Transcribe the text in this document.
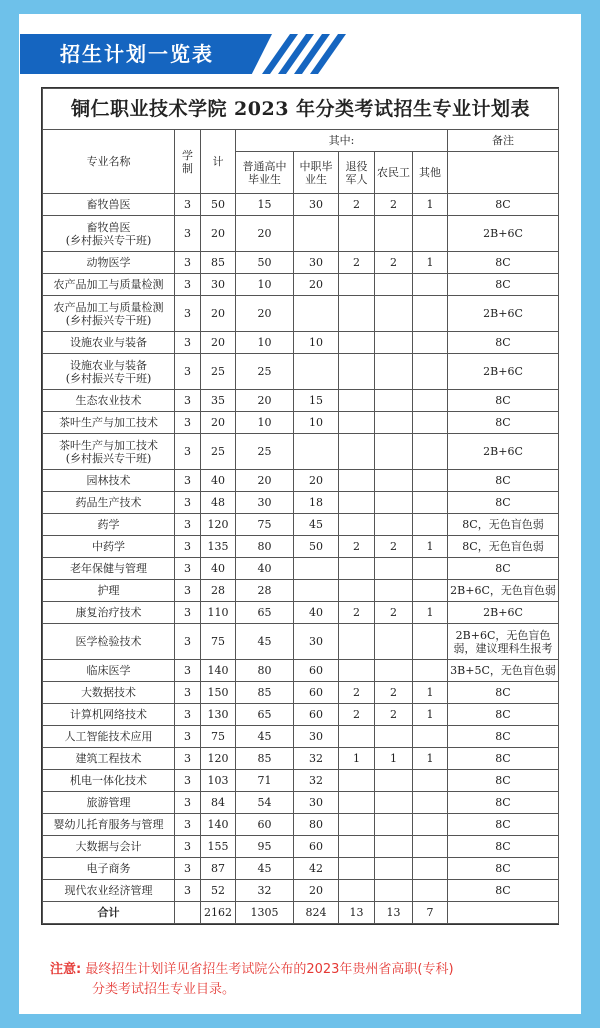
招生计划一览表
铜仁职业技术学院 2023 年分类考试招生专业计划表								
专业名称	学制	计	其中:					备注
			普通高中毕业生	中职毕业生	退役军人	农民工	其他	

畜牧兽医	3	50	15	30	2	2	1	8C

畜牧兽医
(乡村振兴专干班)	3	20	20					2B+6C

动物医学	3	85	50	30	2	2	1	8C

农产品加工与质量检测	3	30	10	20				8C

农产品加工与质量检测
(乡村振兴专干班)	3	20	20					2B+6C

设施农业与装备	3	20	10	10				8C

设施农业与装备
(乡村振兴专干班)	3	25	25					2B+6C

生态农业技术	3	35	20	15				8C

茶叶生产与加工技术	3	20	10	10				8C

茶叶生产与加工技术
(乡村振兴专干班)	3	25	25					2B+6C

园林技术	3	40	20	20				8C

药品生产技术	3	48	30	18				8C

药学	3	120	75	45				8C，无色盲色弱

中药学	3	135	80	50	2	2	1	8C，无色盲色弱

老年保健与管理	3	40	40					8C

护理	3	28	28					2B+6C，无色盲色弱

康复治疗技术	3	110	65	40	2	2	1	2B+6C

医学检验技术	3	75	45	30				2B+6C，无色盲色弱，建议理科生报考

临床医学	3	140	80	60				3B+5C，无色盲色弱

大数据技术	3	150	85	60	2	2	1	8C

计算机网络技术	3	130	65	60	2	2	1	8C

人工智能技术应用	3	75	45	30				8C

建筑工程技术	3	120	85	32	1	1	1	8C

机电一体化技术	3	103	71	32				8C

旅游管理	3	84	54	30				8C

婴幼儿托育服务与管理	3	140	60	80				8C

大数据与会计	3	155	95	60				8C

电子商务	3	87	45	42				8C

现代农业经济管理	3	52	32	20				8C
合计		2162	1305	824	13	13	7	
注意: 最终招生计划详见省招生考试院公布的2023年贵州省高职(专科)
分类考试招生专业目录。
